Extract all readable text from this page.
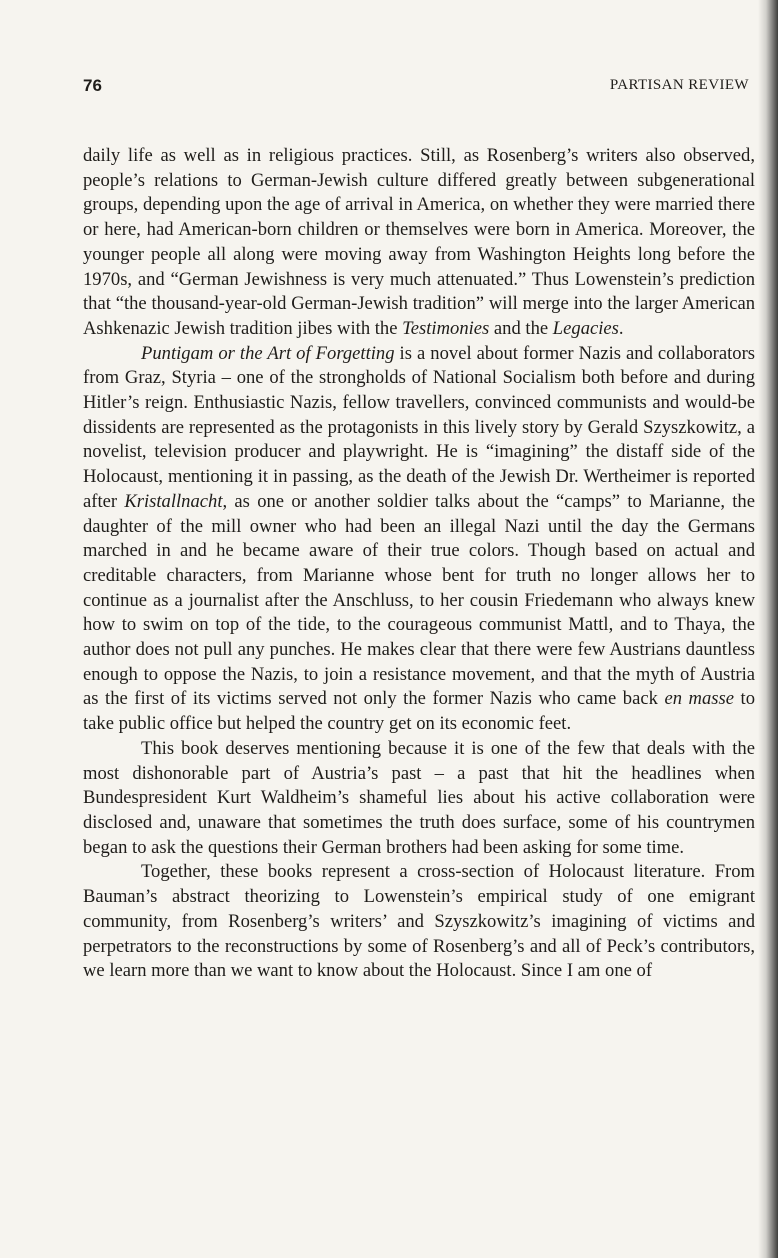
76	PARTISAN REVIEW

daily life as well as in religious practices. Still, as Rosenberg’s writers also observed, people’s relations to German-Jewish culture differed greatly between subgenerational groups, depending upon the age of arrival in America, on whether they were married there or here, had American-born children or themselves were born in America. Moreover, the younger people all along were moving away from Washington Heights long before the 1970s, and “German Jewishness is very much attenuated.” Thus Lowenstein’s prediction that “the thousand-year-old German-Jewish tradition” will merge into the larger American Ashkenazic Jewish tradition jibes with the Testimonies and the Legacies.

Puntigam or the Art of Forgetting is a novel about former Nazis and collaborators from Graz, Styria – one of the strongholds of National Socialism both before and during Hitler’s reign. Enthusiastic Nazis, fellow travellers, convinced communists and would-be dissidents are represented as the protagonists in this lively story by Gerald Szyszkowitz, a novelist, television producer and playwright. He is “imagining” the distaff side of the Holocaust, mentioning it in passing, as the death of the Jewish Dr. Wertheimer is reported after Kristallnacht, as one or another soldier talks about the “camps” to Marianne, the daughter of the mill owner who had been an illegal Nazi until the day the Germans marched in and he became aware of their true colors. Though based on actual and creditable characters, from Marianne whose bent for truth no longer allows her to continue as a journalist after the Anschluss, to her cousin Friedemann who always knew how to swim on top of the tide, to the courageous communist Mattl, and to Thaya, the author does not pull any punches. He makes clear that there were few Austrians dauntless enough to oppose the Nazis, to join a resistance movement, and that the myth of Austria as the first of its victims served not only the former Nazis who came back en masse to take public office but helped the country get on its economic feet.

This book deserves mentioning because it is one of the few that deals with the most dishonorable part of Austria’s past – a past that hit the headlines when Bundespresident Kurt Waldheim’s shameful lies about his active collaboration were disclosed and, unaware that sometimes the truth does surface, some of his countrymen began to ask the questions their German brothers had been asking for some time.

Together, these books represent a cross-section of Holocaust literature. From Bauman’s abstract theorizing to Lowenstein’s empirical study of one emigrant community, from Rosenberg’s writers’ and Szyszkowitz’s imagining of victims and perpetrators to the reconstructions by some of Rosenberg’s and all of Peck’s contributors, we learn more than we want to know about the Holocaust. Since I am one of
